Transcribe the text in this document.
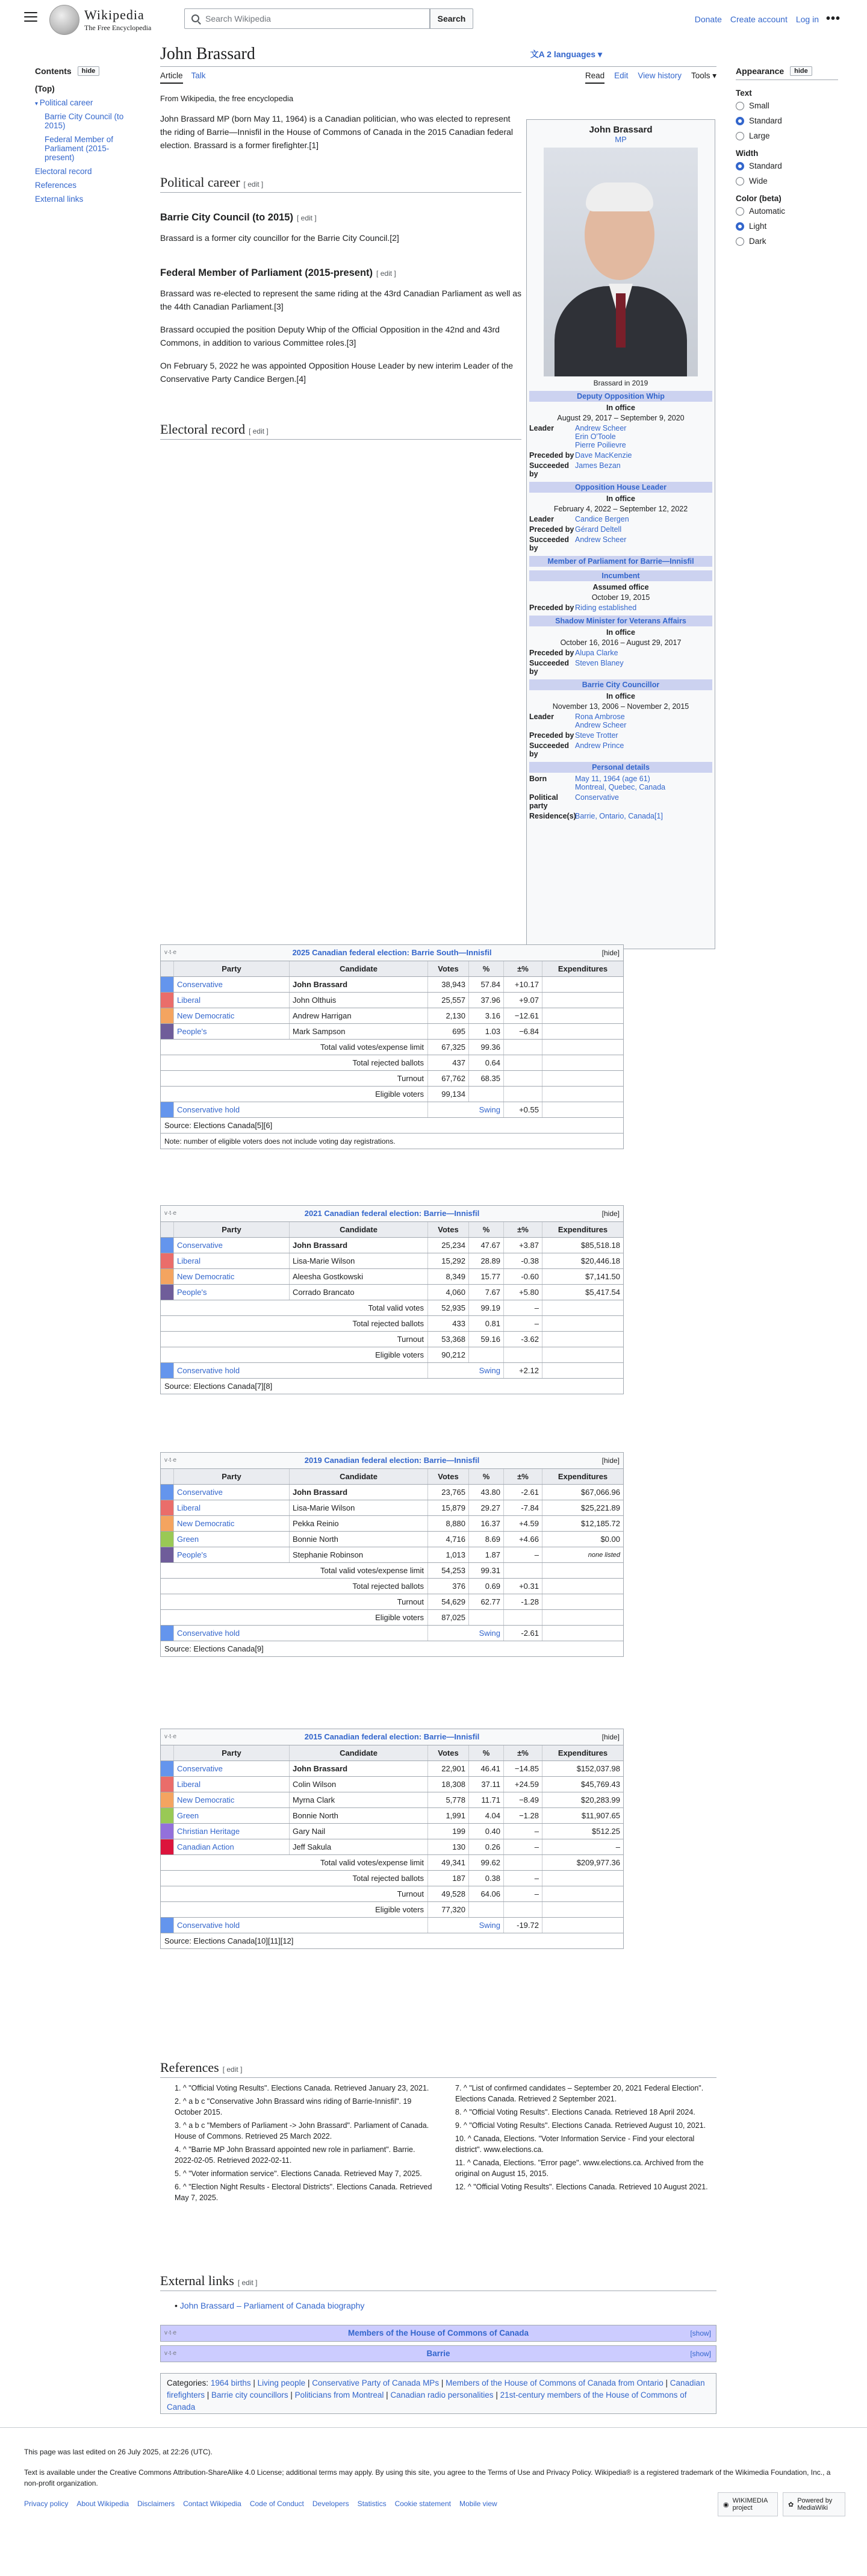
Wikipedia
The Free Encyclopedia
Search Wikipedia	Search	Donate Create account Log in •••
Contents	hide
(Top)
▾ Political career
Barrie City Council (to 2015)
Federal Member of Parliament (2015-present)
Electoral record
References
External links
Appearance	hide
Text
Small
Standard
Large
Width
Standard
Wide
Color (beta)
Automatic
Light
Dark
John Brassard	文A 2 languages ▾
Article Talk	Read Edit View history Tools ▾
From Wikipedia, the free encyclopedia
John Brassard MP (born May 11, 1964) is a Canadian politician, who was elected to represent the riding of Barrie—Innisfil in the House of Commons of Canada in the 2015 Canadian federal election. Brassard is a former firefighter.[1]
Political career [ edit ]
Barrie City Council (to 2015) [ edit ]
Brassard is a former city councillor for the Barrie City Council.[2]
Federal Member of Parliament (2015-present) [ edit ]
Brassard was re-elected to represent the same riding at the 43rd Canadian Parliament as well as the 44th Canadian Parliament.[3]
Brassard occupied the position Deputy Whip of the Official Opposition in the 42nd and 43rd Commons, in addition to various Committee roles.[3]
On February 5, 2022 he was appointed Opposition House Leader by new interim Leader of the Conservative Party Candice Bergen.[4]
Electoral record [ edit ]
John Brassard
MP
Brassard in 2019
Deputy Opposition Whip
In office
August 29, 2017 – September 9, 2020
Leader	Andrew Scheer
Erin O'Toole
Pierre Poilievre
Preceded by Dave MacKenzie
Succeeded by
James Bezan
Opposition House Leader
In office
February 4, 2022 – September 12, 2022
Leader	Candice Bergen
Preceded by Gérard Deltell
Succeeded by
Andrew Scheer
Member of Parliament for Barrie—Innisfil
Incumbent
Assumed office
October 19, 2015
Preceded by Riding established
Shadow Minister for Veterans Affairs
In office
October 16, 2016 – August 29, 2017
Preceded by Alupa Clarke
Succeeded by
Steven Blaney
Barrie City Councillor
In office
November 13, 2006 – November 2, 2015
Leader	Rona Ambrose
Andrew Scheer
Preceded by Steve Trotter
Succeeded by
Andrew Prince
Personal details
Born	May 11, 1964 (age 61)
Montreal, Quebec, Canada
Political party
Conservative
Residence(s)
Barrie, Ontario, Canada[1]
v·t·e	2025 Canadian federal election: Barrie South—Innisfil	[hide]
Party	Candidate	Votes	%	±%	Expenditures
Conservative	John Brassard	38,943	57.84	+10.17
Liberal	John Olthuis	25,557	37.96	+9.07
New Democratic	Andrew Harrigan	2,130	3.16	−12.61
People's	Mark Sampson	695	1.03	−6.84
Total valid votes/expense limit	67,325	99.36
Total rejected ballots	437	0.64
Turnout	67,762	68.35
Eligible voters	99,134
Conservative hold	Swing	+0.55
Source: Elections Canada[5][6]
Note: number of eligible voters does not include voting day registrations.
v·t·e	2021 Canadian federal election: Barrie—Innisfil	[hide]
Party	Candidate	Votes	%	±%	Expenditures
Conservative	John Brassard	25,234	47.67	+3.87	$85,518.18
Liberal	Lisa-Marie Wilson	15,292	28.89	-0.38	$20,446.18
New Democratic	Aleesha Gostkowski	8,349	15.77	-0.60	$7,141.50
People's	Corrado Brancato	4,060	7.67	+5.80	$5,417.54
Total valid votes	52,935	99.19	–
Total rejected ballots	433	0.81	–
Turnout	53,368	59.16	-3.62
Eligible voters	90,212
Conservative hold	Swing	+2.12
Source: Elections Canada[7][8]
v·t·e	2019 Canadian federal election: Barrie—Innisfil	[hide]
Party	Candidate	Votes	%	±%	Expenditures
Conservative	John Brassard	23,765	43.80	-2.61	$67,066.96
Liberal	Lisa-Marie Wilson	15,879	29.27	-7.84	$25,221.89
New Democratic	Pekka Reinio	8,880	16.37	+4.59	$12,185.72
Green	Bonnie North	4,716	8.69	+4.66	$0.00
People's	Stephanie Robinson	1,013	1.87	–	none listed
Total valid votes/expense limit	54,253	99.31
Total rejected ballots	376	0.69	+0.31
Turnout	54,629	62.77	-1.28
Eligible voters	87,025
Conservative hold	Swing	-2.61
Source: Elections Canada[9]
v·t·e	2015 Canadian federal election: Barrie—Innisfil	[hide]
Party	Candidate	Votes	%	±%	Expenditures
Conservative	John Brassard	22,901	46.41	−14.85	$152,037.98
Liberal	Colin Wilson	18,308	37.11	+24.59	$45,769.43
New Democratic	Myrna Clark	5,778	11.71	−8.49	$20,283.99
Green	Bonnie North	1,991	4.04	−1.28	$11,907.65
Christian Heritage	Gary Nail	199	0.40	–	$512.25
Canadian Action	Jeff Sakula	130	0.26	–	–
Total valid votes/expense limit	49,341	99.62	$209,977.36
Total rejected ballots	187	0.38	–
Turnout	49,528	64.06	–
Eligible voters	77,320
Conservative hold	Swing	-19.72
Source: Elections Canada[10][11][12]
References [ edit ]
1. ^ "Official Voting Results". Elections Canada. Retrieved January 23, 2021.
2. ^ a b c "Conservative John Brassard wins riding of Barrie-Innisfil". 19 October 2015.
3. ^ a b c "Members of Parliament -> John Brassard". Parliament of Canada. House of Commons. Retrieved 25 March 2022.
4. ^ "Barrie MP John Brassard appointed new role in parliament". Barrie. 2022-02-05. Retrieved 2022-02-11.
5. ^ "Voter information service". Elections Canada. Retrieved May 7, 2025.
6. ^ "Election Night Results - Electoral Districts". Elections Canada. Retrieved May 7, 2025.
7. ^ "List of confirmed candidates – September 20, 2021 Federal Election". Elections Canada. Retrieved 2 September 2021.
8. ^ "Official Voting Results". Elections Canada. Retrieved 18 April 2024.
9. ^ "Official Voting Results". Elections Canada. Retrieved August 10, 2021.
10. ^ Canada, Elections. "Voter Information Service - Find your electoral district". www.elections.ca.
11. ^ Canada, Elections. "Error page". www.elections.ca. Archived from the original on August 15, 2015.
12. ^ "Official Voting Results". Elections Canada. Retrieved 10 August 2021.
External links [ edit ]
• John Brassard – Parliament of Canada biography
v·t·e	Members of the House of Commons of Canada	[show]
v·t·e	Barrie	[show]
Categories: 1964 births | Living people | Conservative Party of Canada MPs | Members of the House of Commons of Canada from Ontario | Canadian firefighters | Barrie city councillors | Politicians from Montreal | Canadian radio personalities | 21st-century members of the House of Commons of Canada
This page was last edited on 26 July 2025, at 22:26 (UTC).
Text is available under the Creative Commons Attribution-ShareAlike 4.0 License; additional terms may apply. By using this site, you agree to the Terms of Use and Privacy Policy. Wikipedia® is a registered trademark of the Wikimedia Foundation, Inc., a non-profit organization.
Privacy policy About Wikipedia Disclaimers Contact Wikipedia Code of Conduct Developers Statistics Cookie statement Mobile view	◉
WIKIMEDIA project	✿
Powered by MediaWiki
